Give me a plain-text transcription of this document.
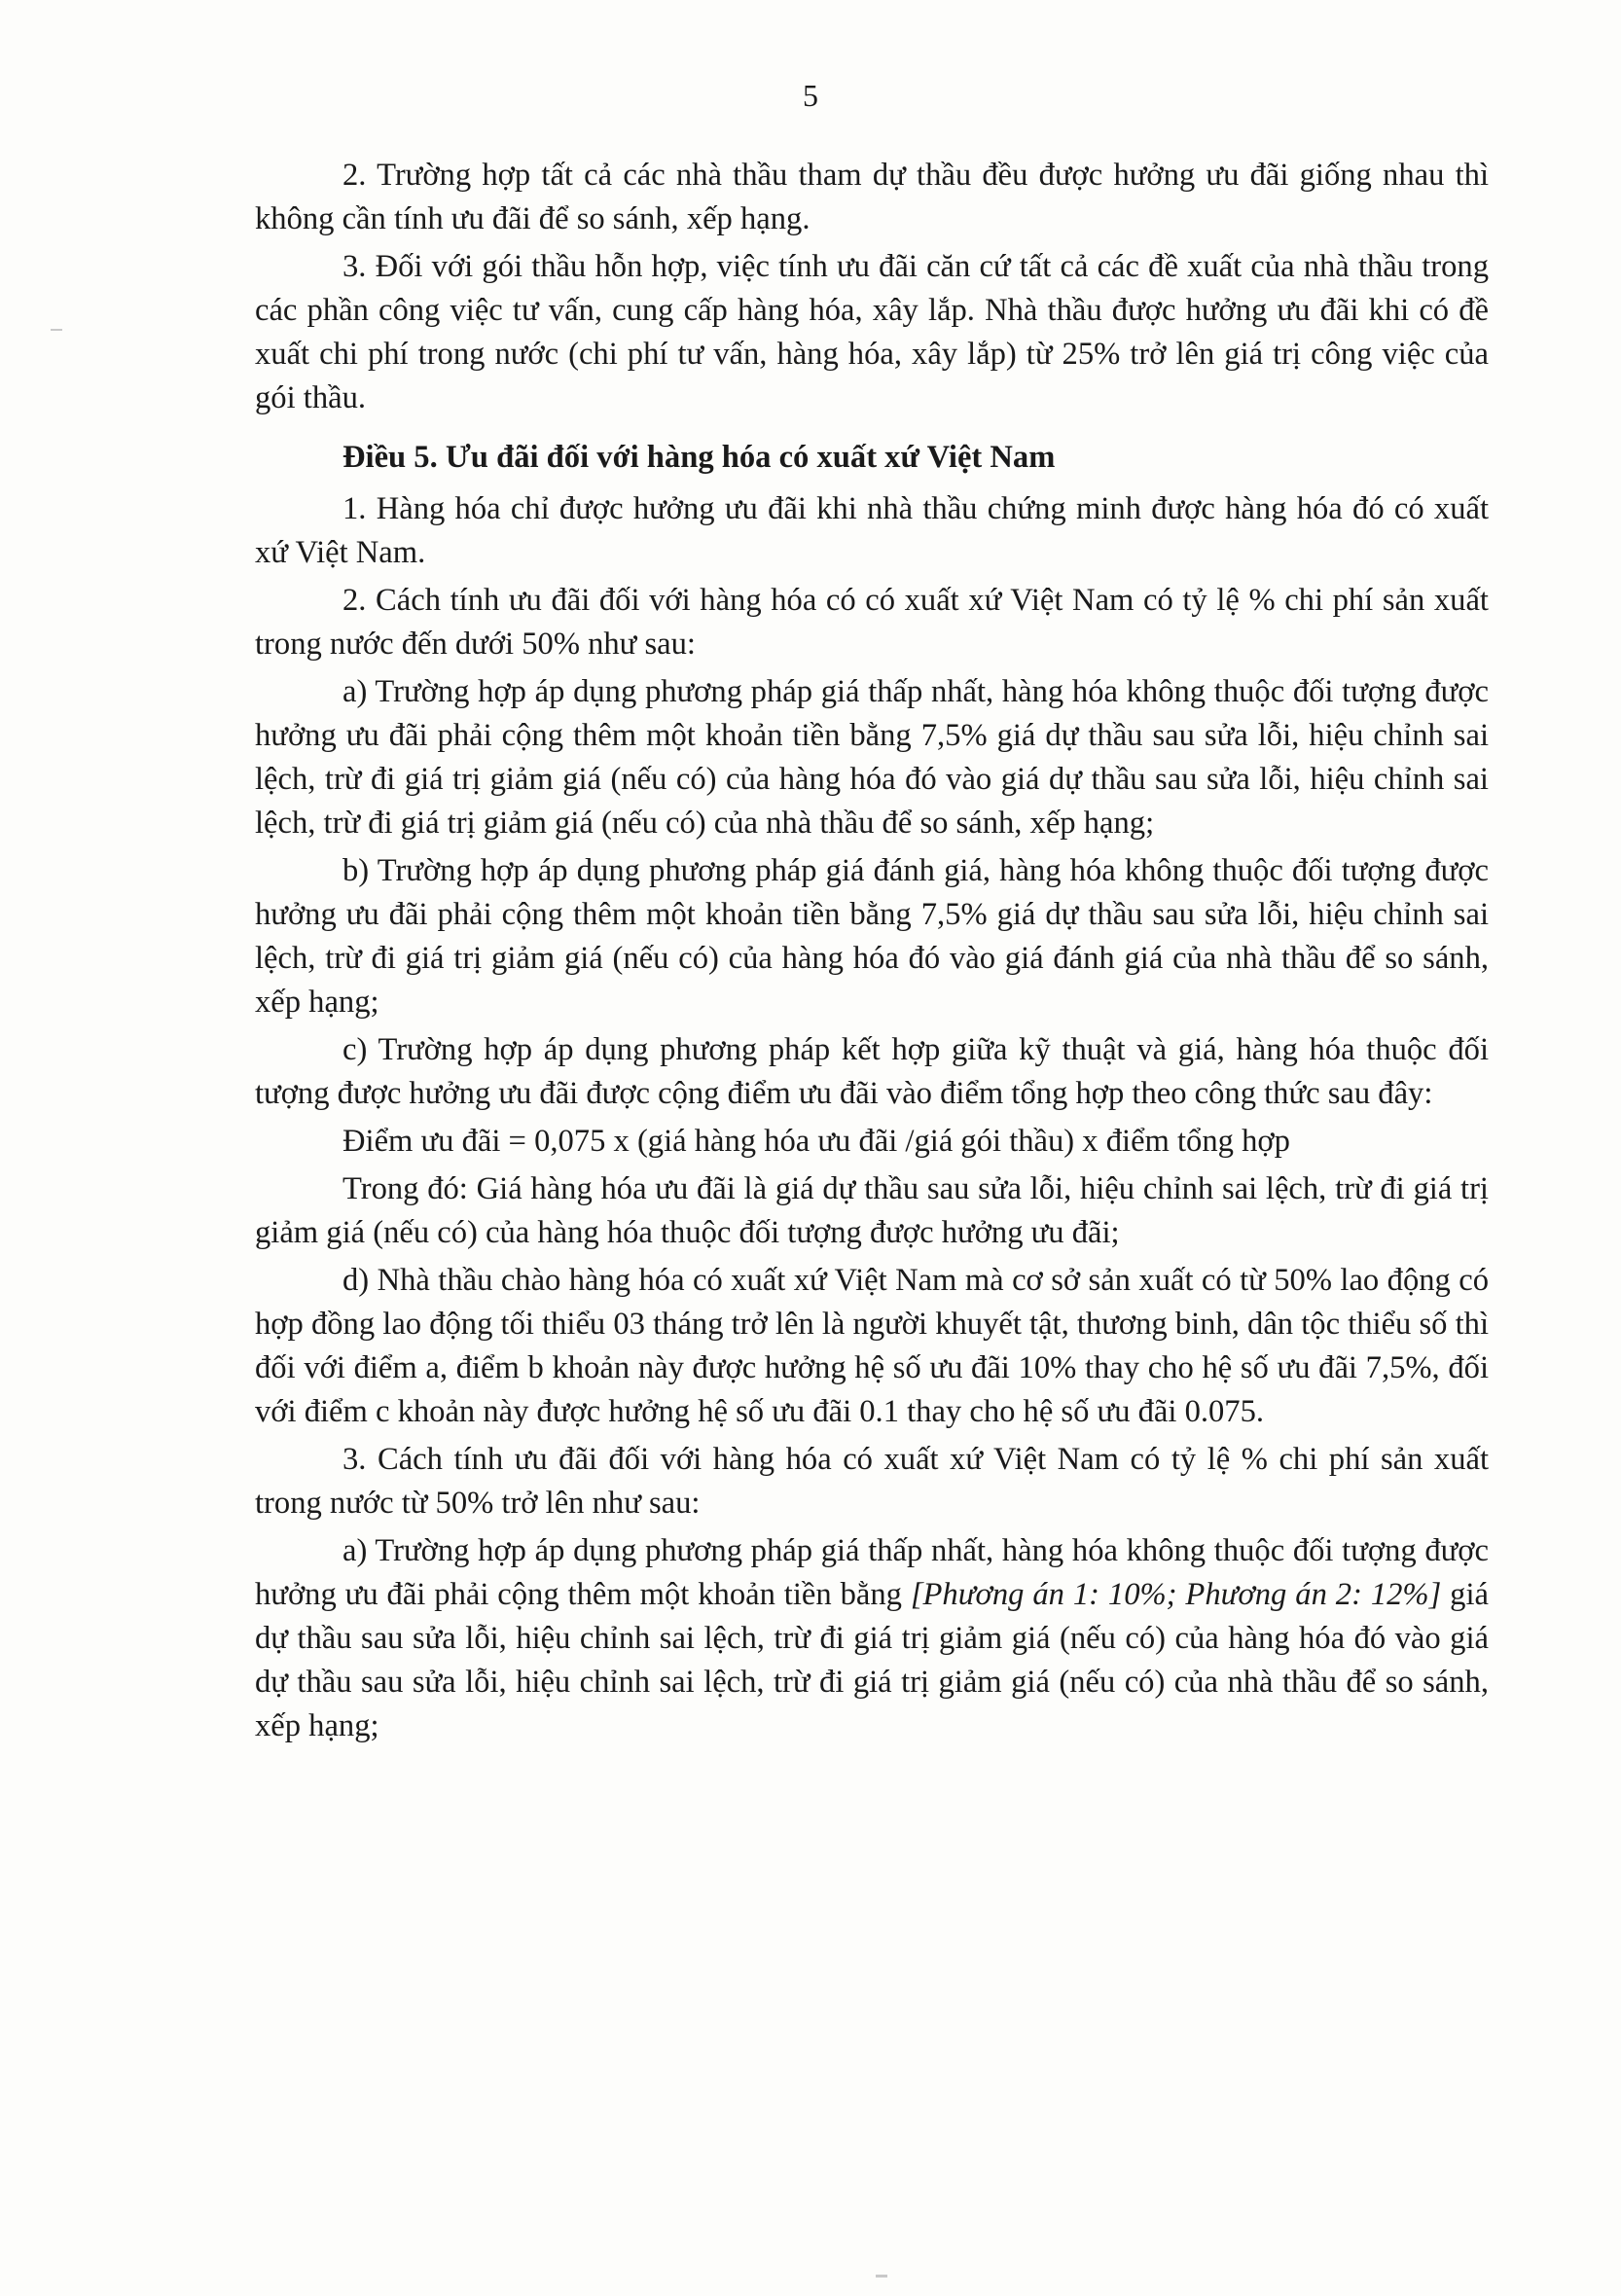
5

2. Trường hợp tất cả các nhà thầu tham dự thầu đều được hưởng ưu đãi giống nhau thì không cần tính ưu đãi để so sánh, xếp hạng.

3. Đối với gói thầu hỗn hợp, việc tính ưu đãi căn cứ tất cả các đề xuất của nhà thầu trong các phần công việc tư vấn, cung cấp hàng hóa, xây lắp. Nhà thầu được hưởng ưu đãi khi có đề xuất chi phí trong nước (chi phí tư vấn, hàng hóa, xây lắp) từ 25% trở lên giá trị công việc của gói thầu.

Điều 5. Ưu đãi đối với hàng hóa có xuất xứ Việt Nam

1. Hàng hóa chỉ được hưởng ưu đãi khi nhà thầu chứng minh được hàng hóa đó có xuất xứ Việt Nam.

2. Cách tính ưu đãi đối với hàng hóa có có xuất xứ Việt Nam có tỷ lệ % chi phí sản xuất trong nước đến dưới 50% như sau:

a) Trường hợp áp dụng phương pháp giá thấp nhất, hàng hóa không thuộc đối tượng được hưởng ưu đãi phải cộng thêm một khoản tiền bằng 7,5% giá dự thầu sau sửa lỗi, hiệu chỉnh sai lệch, trừ đi giá trị giảm giá (nếu có) của hàng hóa đó vào giá dự thầu sau sửa lỗi, hiệu chỉnh sai lệch, trừ đi giá trị giảm giá (nếu có) của nhà thầu để so sánh, xếp hạng;

b) Trường hợp áp dụng phương pháp giá đánh giá, hàng hóa không thuộc đối tượng được hưởng ưu đãi phải cộng thêm một khoản tiền bằng 7,5% giá dự thầu sau sửa lỗi, hiệu chỉnh sai lệch, trừ đi giá trị giảm giá (nếu có) của hàng hóa đó vào giá đánh giá của nhà thầu để so sánh, xếp hạng;

c) Trường hợp áp dụng phương pháp kết hợp giữa kỹ thuật và giá, hàng hóa thuộc đối tượng được hưởng ưu đãi được cộng điểm ưu đãi vào điểm tổng hợp theo công thức sau đây:

Điểm ưu đãi = 0,075 x (giá hàng hóa ưu đãi /giá gói thầu) x điểm tổng hợp

Trong đó: Giá hàng hóa ưu đãi là giá dự thầu sau sửa lỗi, hiệu chỉnh sai lệch, trừ đi giá trị giảm giá (nếu có) của hàng hóa thuộc đối tượng được hưởng ưu đãi;

d) Nhà thầu chào hàng hóa có xuất xứ Việt Nam mà cơ sở sản xuất có từ 50% lao động có hợp đồng lao động tối thiểu 03 tháng trở lên là người khuyết tật, thương binh, dân tộc thiểu số thì đối với điểm a, điểm b khoản này được hưởng hệ số ưu đãi 10% thay cho hệ số ưu đãi 7,5%, đối với điểm c khoản này được hưởng hệ số ưu đãi 0.1 thay cho hệ số ưu đãi 0.075.

3. Cách tính ưu đãi đối với hàng hóa có xuất xứ Việt Nam có tỷ lệ % chi phí sản xuất trong nước từ 50% trở lên như sau:

a) Trường hợp áp dụng phương pháp giá thấp nhất, hàng hóa không thuộc đối tượng được hưởng ưu đãi phải cộng thêm một khoản tiền bằng [Phương án 1: 10%; Phương án 2: 12%] giá dự thầu sau sửa lỗi, hiệu chỉnh sai lệch, trừ đi giá trị giảm giá (nếu có) của hàng hóa đó vào giá dự thầu sau sửa lỗi, hiệu chỉnh sai lệch, trừ đi giá trị giảm giá (nếu có) của nhà thầu để so sánh, xếp hạng;
